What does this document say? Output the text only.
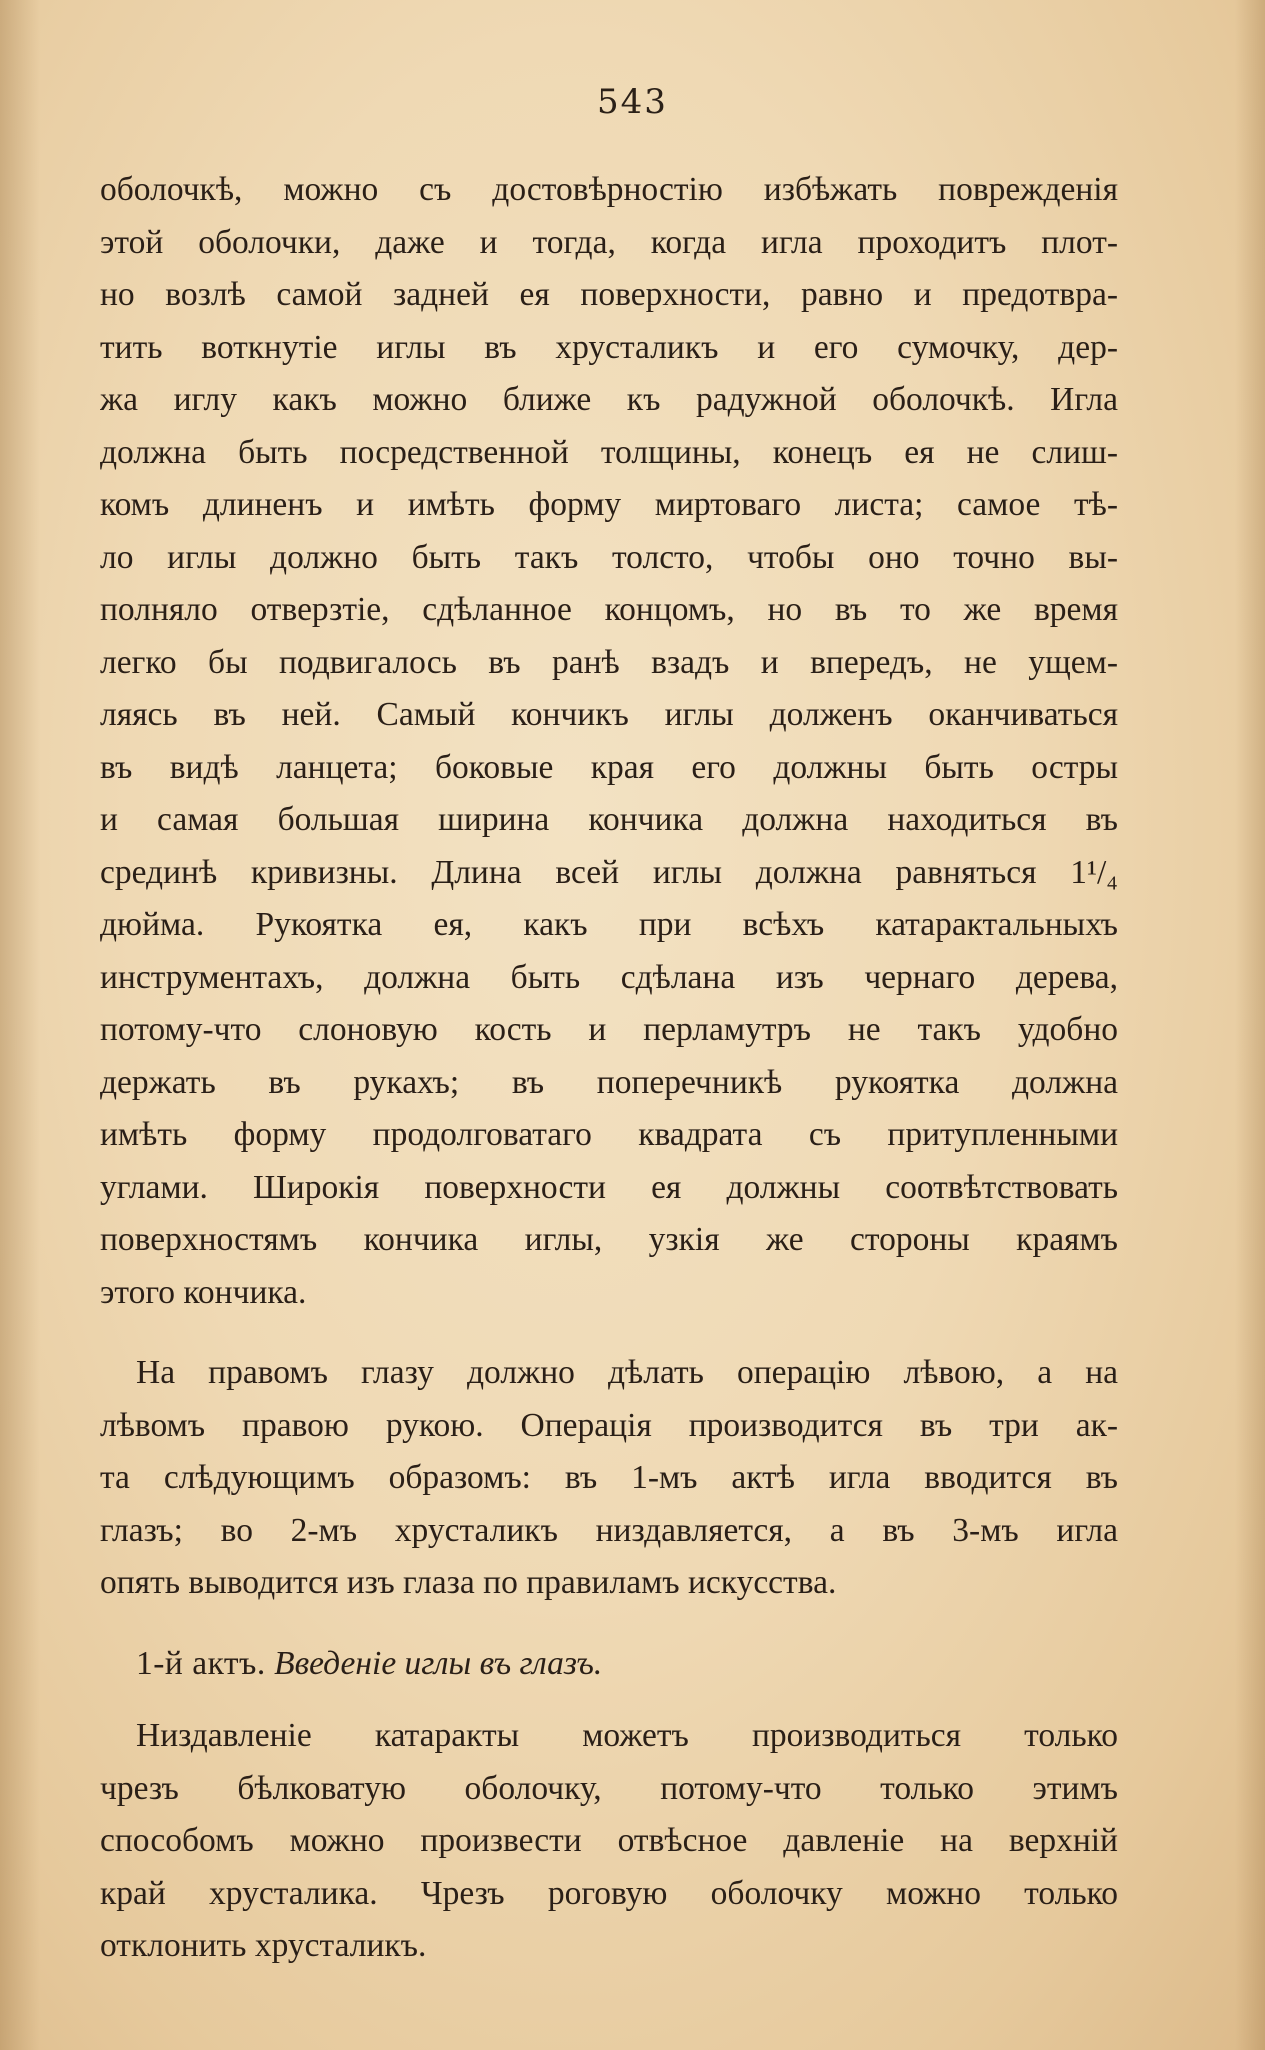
543
оболочкѣ, можно съ достовѣрностію избѣжать поврежденія
этой оболочки, даже и тогда, когда игла проходитъ плот-
но возлѣ самой задней ея поверхности, равно и предотвра-
тить воткнутіе иглы въ хрусталикъ и его сумочку, дер-
жа иглу какъ можно ближе къ радужной оболочкѣ. Игла
должна быть посредственной толщины, конецъ ея не слиш-
комъ длиненъ и имѣть форму миртоваго листа; самое тѣ-
ло иглы должно быть такъ толсто, чтобы оно точно вы-
полняло отверзтіе, сдѣланное концомъ, но въ то же время
легко бы подвигалось въ ранѣ взадъ и впередъ, не ущем-
ляясь въ ней. Самый кончикъ иглы долженъ оканчиваться
въ видѣ ланцета; боковые края его должны быть остры
и самая большая ширина кончика должна находиться въ
срединѣ кривизны. Длина всей иглы должна равняться 1¹/₄
дюйма. Рукоятка ея, какъ при всѣхъ катарактальныхъ
инструментахъ, должна быть сдѣлана изъ чернаго дерева,
потому-что слоновую кость и перламутръ не такъ удобно
держать въ рукахъ; въ поперечникѣ рукоятка должна
имѣть форму продолговатаго квадрата съ притупленными
углами. Широкія поверхности ея должны соотвѣтствовать
поверхностямъ кончика иглы, узкія же стороны краямъ
этого кончика.
На правомъ глазу должно дѣлать операцію лѣвою, а на
лѣвомъ правою рукою. Операція производится въ три ак-
та слѣдующимъ образомъ: въ 1-мъ актѣ игла вводится въ
глазъ; во 2-мъ хрусталикъ низдавляется, а въ 3-мъ игла
опять выводится изъ глаза по правиламъ искусства.
1-й актъ. Введеніе иглы въ глазъ.
Низдавленіе катаракты можетъ производиться только
чрезъ бѣлковатую оболочку, потому-что только этимъ
способомъ можно произвести отвѣсное давленіе на верхній
край хрусталика. Чрезъ роговую оболочку можно только
отклонить хрусталикъ.
